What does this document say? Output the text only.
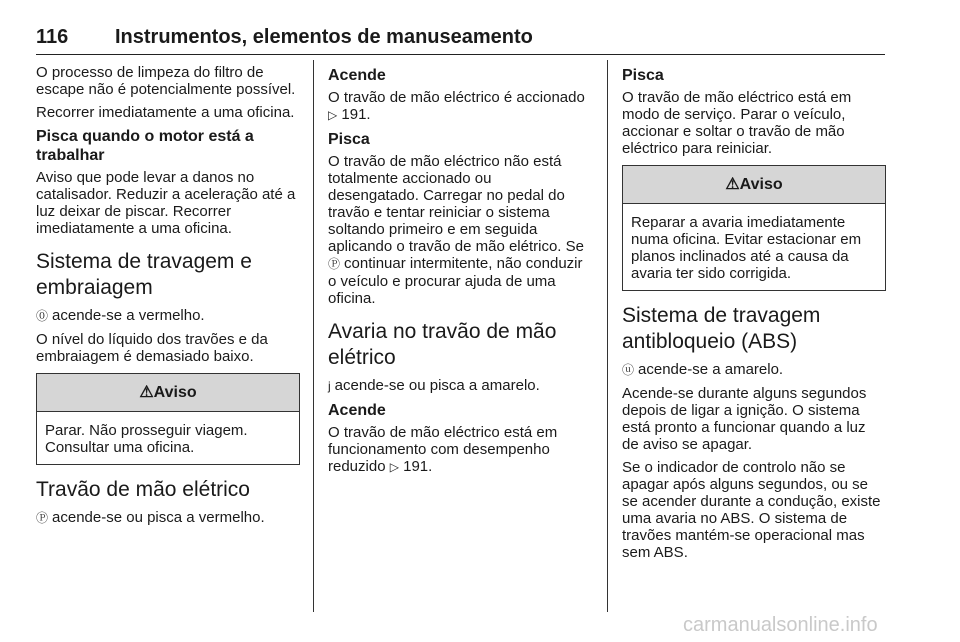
116 Instrumentos, elementos de manuseamento

O processo de limpeza do filtro de escape não é potencialmente possível.

Recorrer imediatamente a uma oficina.

Pisca quando o motor está a trabalhar

Aviso que pode levar a danos no catalisador. Reduzir a aceleração até a luz deixar de piscar. Recorrer imediatamente a uma oficina.

Sistema de travagem e embraiagem

⓪ acende-se a vermelho.

O nível do líquido dos travões e da embraiagem é demasiado baixo.

⚠Aviso

Parar. Não prosseguir viagem. Consultar uma oficina.

Travão de mão elétrico

Ⓟ acende-se ou pisca a vermelho.

Acende

O travão de mão eléctrico é accionado ▷ 191.

Pisca

O travão de mão eléctrico não está totalmente accionado ou desengatado. Carregar no pedal do travão e tentar reiniciar o sistema soltando primeiro e em seguida aplicando o travão de mão elétrico. Se Ⓟ continuar intermitente, não conduzir o veículo e procurar ajuda de uma oficina.

Avaria no travão de mão elétrico

j acende-se ou pisca a amarelo.

Acende

O travão de mão eléctrico está em funcionamento com desempenho reduzido ▷ 191.

Pisca

O travão de mão eléctrico está em modo de serviço. Parar o veículo, accionar e soltar o travão de mão eléctrico para reiniciar.

⚠Aviso

Reparar a avaria imediatamente numa oficina. Evitar estacionar em planos inclinados até a causa da avaria ter sido corrigida.

Sistema de travagem antibloqueio (ABS)

ⓤ acende-se a amarelo.

Acende-se durante alguns segundos depois de ligar a ignição. O sistema está pronto a funcionar quando a luz de aviso se apagar.

Se o indicador de controlo não se apagar após alguns segundos, ou se se acender durante a condução, existe uma avaria no ABS. O sistema de travões mantém-se operacional mas sem ABS.

carmanualsonline.info
